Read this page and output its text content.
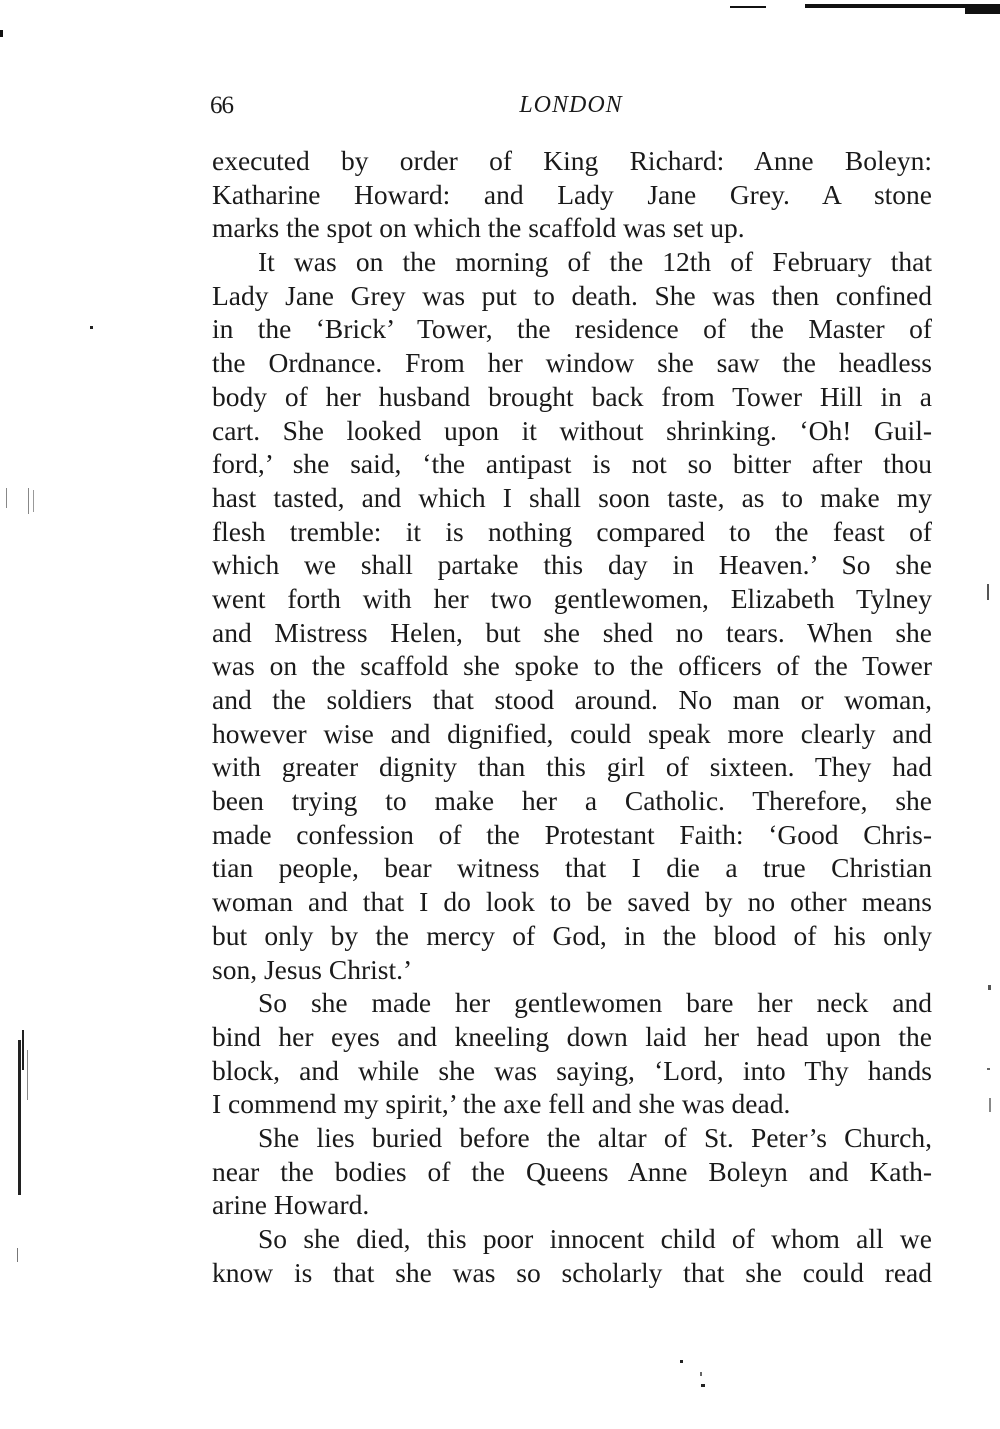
66	LONDON
executed by order of King Richard: Anne Boleyn:
Katharine Howard: and Lady Jane Grey. A stone
marks the spot on which the scaffold was set up.
It was on the morning of the 12th of February that
Lady Jane Grey was put to death. She was then confined
in the ‘Brick’ Tower, the residence of the Master of
the Ordnance. From her window she saw the headless
body of her husband brought back from Tower Hill in a
cart. She looked upon it without shrinking. ‘Oh! Guil-
ford,’ she said, ‘the antipast is not so bitter after thou
hast tasted, and which I shall soon taste, as to make my
flesh tremble: it is nothing compared to the feast of
which we shall partake this day in Heaven.’ So she
went forth with her two gentlewomen, Elizabeth Tylney
and Mistress Helen, but she shed no tears. When she
was on the scaffold she spoke to the officers of the Tower
and the soldiers that stood around. No man or woman,
however wise and dignified, could speak more clearly and
with greater dignity than this girl of sixteen. They had
been trying to make her a Catholic. Therefore, she
made confession of the Protestant Faith: ‘Good Chris-
tian people, bear witness that I die a true Christian
woman and that I do look to be saved by no other means
but only by the mercy of God, in the blood of his only
son, Jesus Christ.’
So she made her gentlewomen bare her neck and
bind her eyes and kneeling down laid her head upon the
block, and while she was saying, ‘Lord, into Thy hands
I commend my spirit,’ the axe fell and she was dead.
She lies buried before the altar of St. Peter’s Church,
near the bodies of the Queens Anne Boleyn and Kath-
arine Howard.
So she died, this poor innocent child of whom all we
know is that she was so scholarly that she could read
